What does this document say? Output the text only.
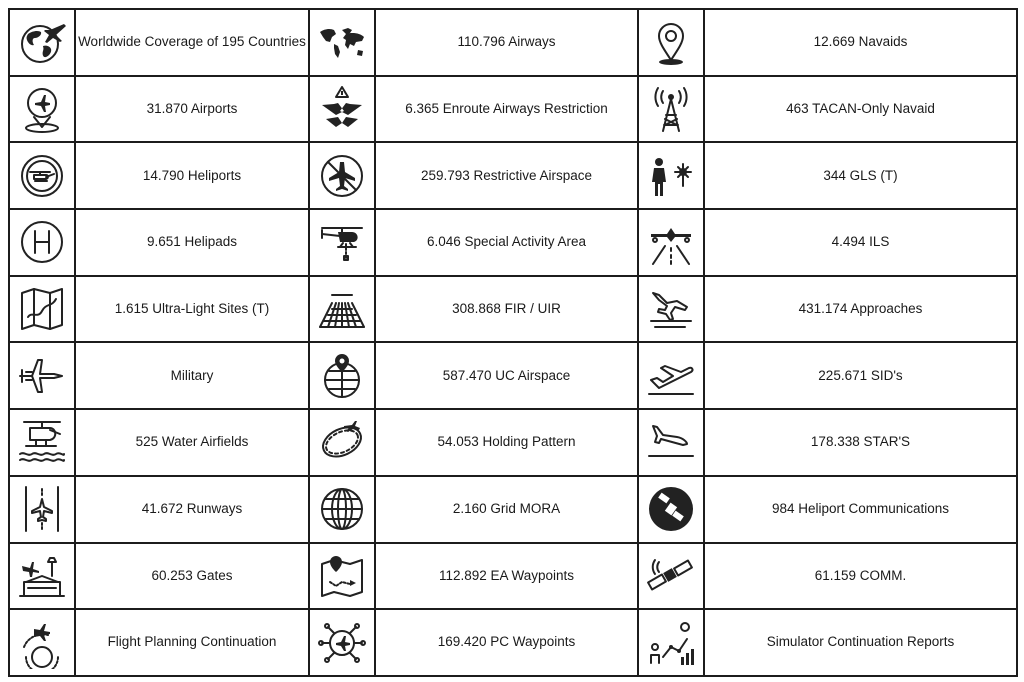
	Worldwide Coverage of 195 Countries		110.796 Airways		12.669 Navaids

	31.870 Airports		6.365 Enroute Airways Restriction		463 TACAN-Only Navaid

	14.790 Heliports		259.793 Restrictive Airspace		344 GLS (T)

	9.651 Helipads		6.046 Special Activity Area		4.494 ILS

	1.615 Ultra-Light Sites (T)		308.868 FIR / UIR		431.174 Approaches

	Military		587.470 UC Airspace		225.671 SID's

	525 Water Airfields		54.053 Holding Pattern		178.338 STAR'S

	41.672 Runways		2.160 Grid MORA		984 Heliport Communications

	60.253 Gates		112.892 EA Waypoints		61.159 COMM.

	Flight Planning Continuation		169.420 PC Waypoints		Simulator Continuation Reports
